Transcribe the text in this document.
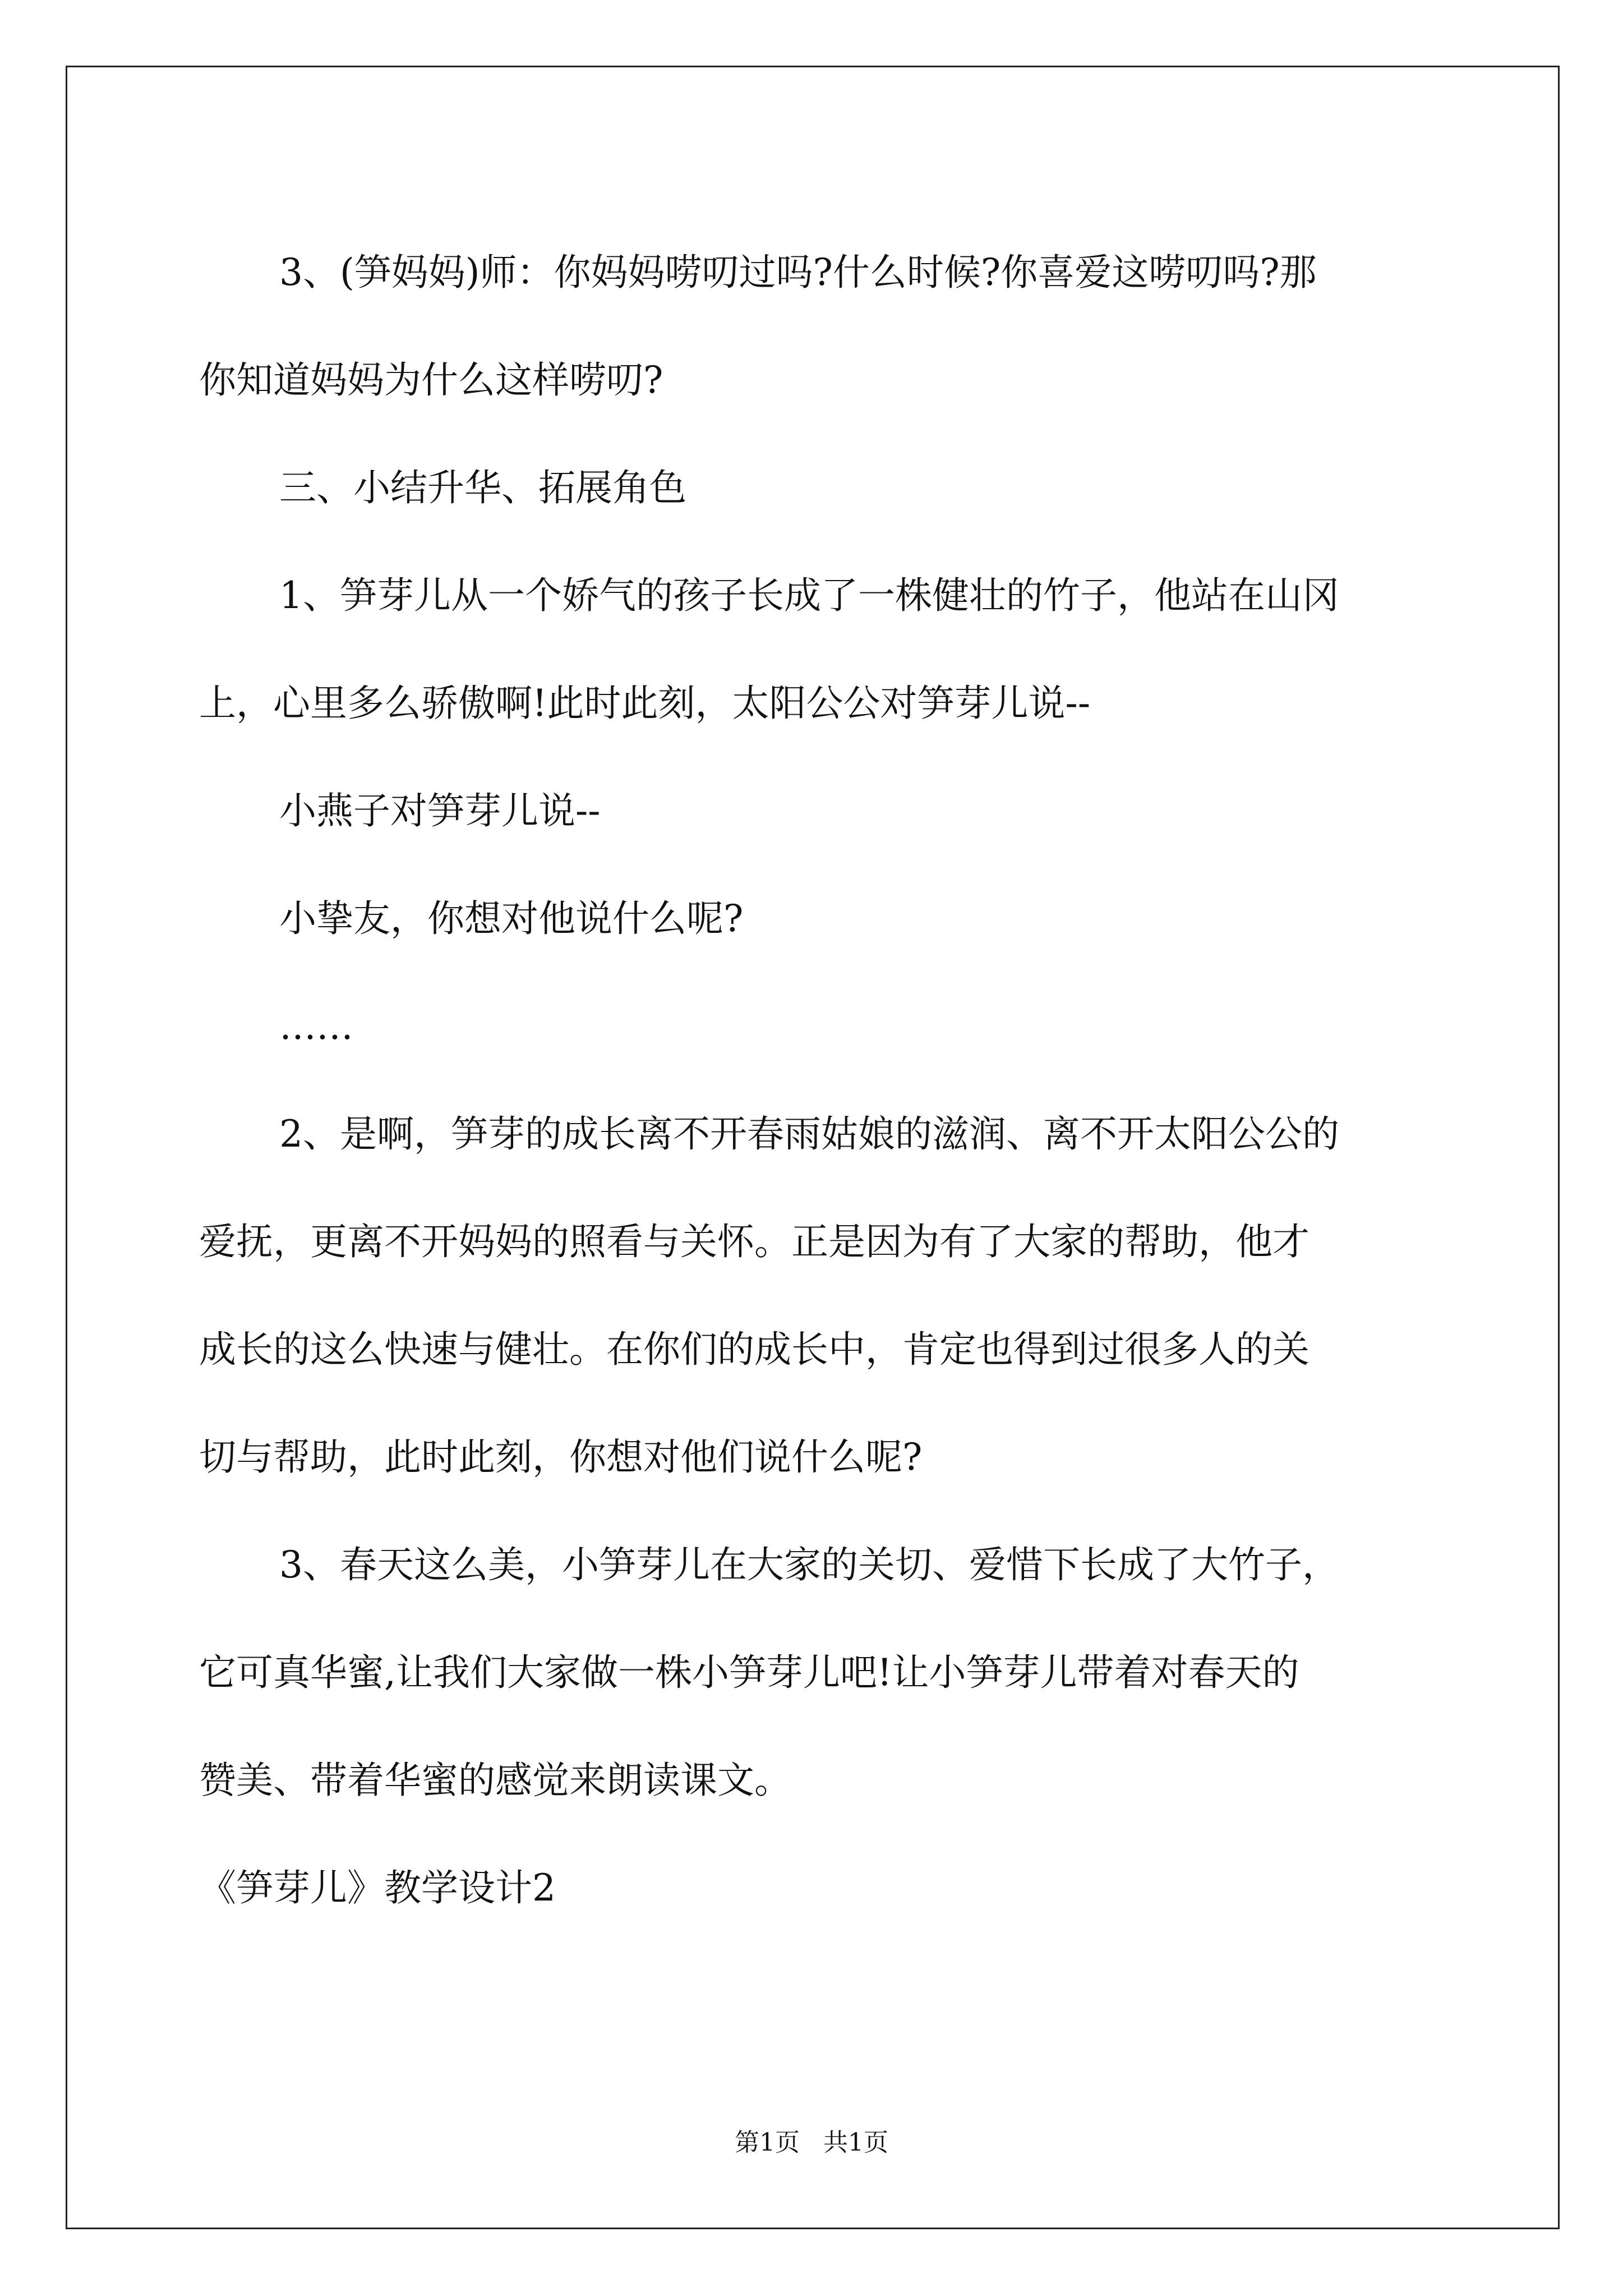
3、(笋妈妈)师：你妈妈唠叨过吗?什么时候?你喜爱这唠叨吗?那

你知道妈妈为什么这样唠叨?

三、小结升华、拓展角色

1、笋芽儿从一个娇气的孩子长成了一株健壮的竹子，他站在山冈

上，心里多么骄傲啊!此时此刻，太阳公公对笋芽儿说--

小燕子对笋芽儿说--

小挚友，你想对他说什么呢?

……

2、是啊，笋芽的成长离不开春雨姑娘的滋润、离不开太阳公公的

爱抚，更离不开妈妈的照看与关怀。正是因为有了大家的帮助，他才

成长的这么快速与健壮。在你们的成长中，肯定也得到过很多人的关

切与帮助，此时此刻，你想对他们说什么呢?

3、春天这么美，小笋芽儿在大家的关切、爱惜下长成了大竹子，

它可真华蜜,让我们大家做一株小笋芽儿吧!让小笋芽儿带着对春天的

赞美、带着华蜜的感觉来朗读课文。

《笋芽儿》教学设计2

第1页   共1页
